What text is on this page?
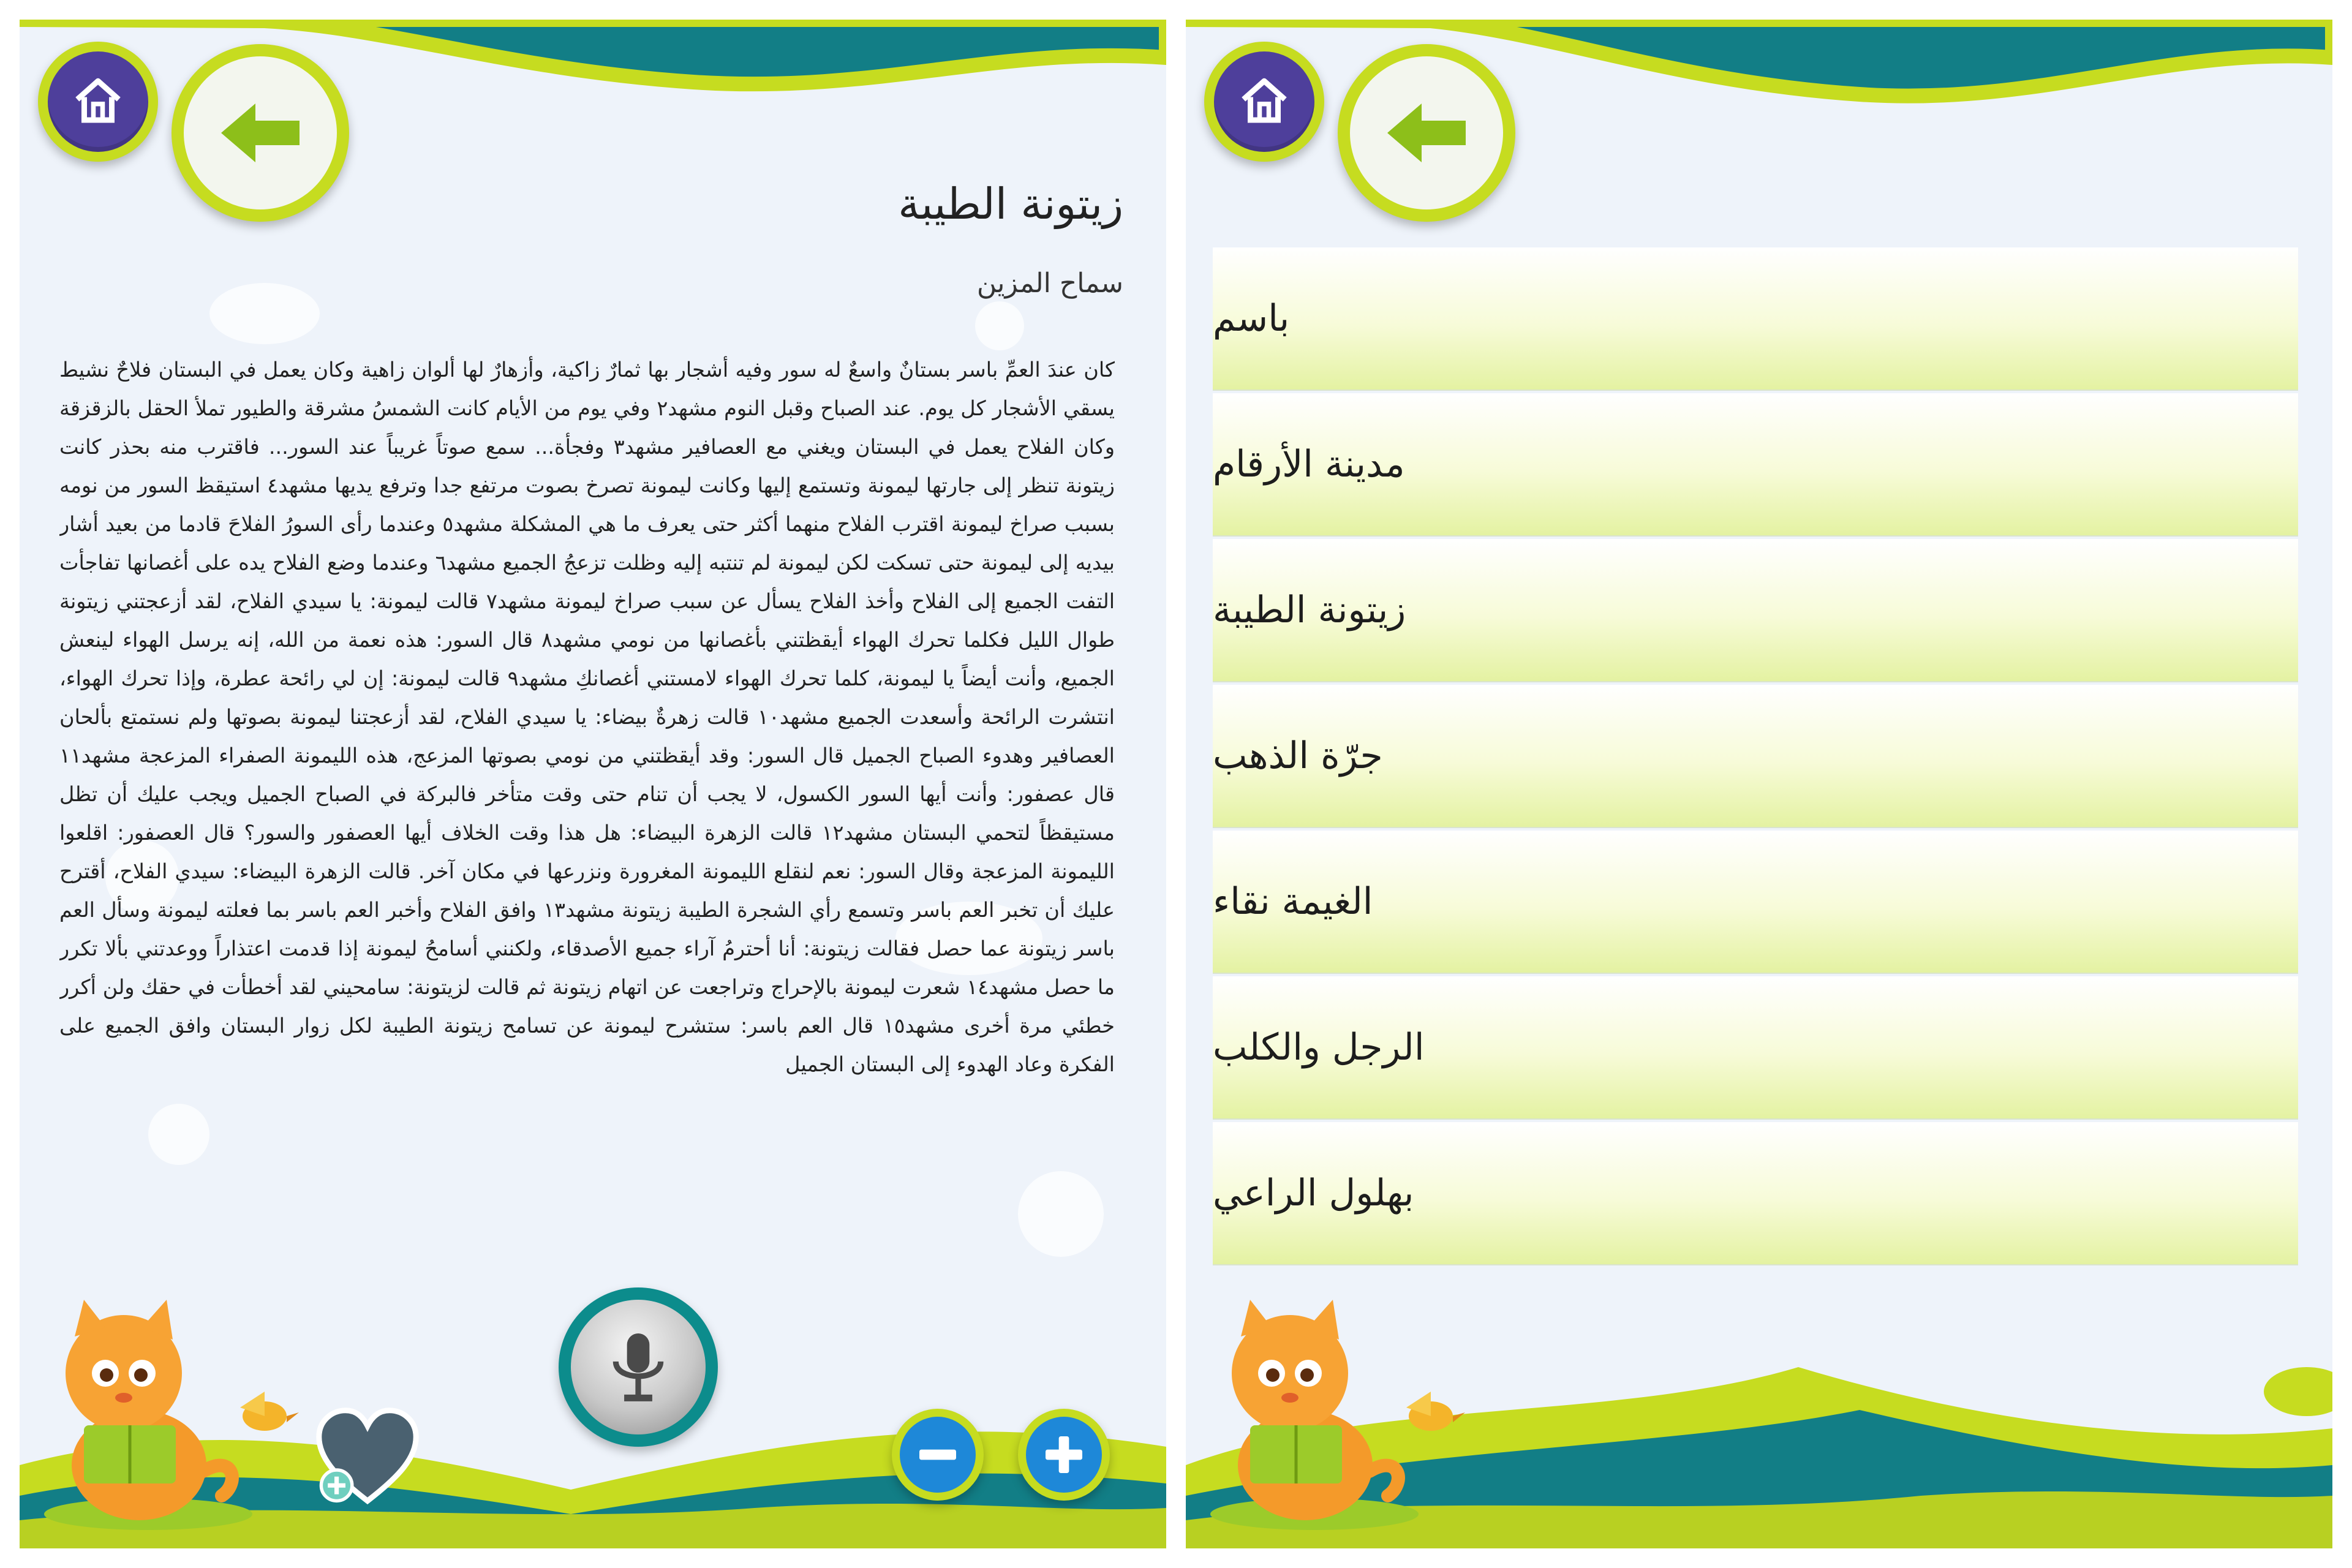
زيتونة الطيبة
سماح المزين
كان عندَ العمِّ باسر بستانٌ واسعٌ له سور وفيه أشجار بها ثمارٌ زاكية، وأزهارٌ لها ألوان زاهية وكان يعمل في البستان فلاحٌ نشيط يسقي الأشجار كل يوم. عند الصباح وقبل النوم مشهد٢ وفي يوم من الأيام كانت الشمسُ مشرقة والطيور تملأ الحقل بالزقزقة وكان الفلاح يعمل في البستان ويغني مع العصافير مشهد٣ وفجأة... سمع صوتاً غريباً عند السور... فاقترب منه بحذر كانت زيتونة تنظر إلى جارتها ليمونة وتستمع إليها وكانت ليمونة تصرخ بصوت مرتفع جدا وترفع يديها مشهد٤ استيقظ السور من نومه بسبب صراخ ليمونة اقترب الفلاح منهما أكثر حتى يعرف ما هي المشكلة مشهد٥ وعندما رأى السورُ الفلاحَ قادما من بعيد أشار بيديه إلى ليمونة حتى تسكت لكن ليمونة لم تنتبه إليه وظلت تزعجُ الجميع مشهد٦ وعندما وضع الفلاح يده على أغصانها تفاجأت التفت الجميع إلى الفلاح وأخذ الفلاح يسأل عن سبب صراخ ليمونة مشهد٧ قالت ليمونة: يا سيدي الفلاح، لقد أزعجتني زيتونة طوال الليل فكلما تحرك الهواء أيقظتني بأغصانها من نومي مشهد٨ قال السور: هذه نعمة من الله، إنه يرسل الهواء لينعش الجميع، وأنت أيضاً يا ليمونة، كلما تحرك الهواء لامستني أغصانكِ مشهد٩ قالت ليمونة: إن لي رائحة عطرة، وإذا تحرك الهواء، انتشرت الرائحة وأسعدت الجميع مشهد١٠ قالت زهرةٌ بيضاء: يا سيدي الفلاح، لقد أزعجتنا ليمونة بصوتها ولم نستمتع بألحان العصافير وهدوء الصباح الجميل قال السور: وقد أيقظتني من نومي بصوتها المزعج، هذه الليمونة الصفراء المزعجة مشهد١١ قال عصفور: وأنت أيها السور الكسول، لا يجب أن تنام حتى وقت متأخر فالبركة في الصباح الجميل ويجب عليك أن تظل مستيقظاً لتحمي البستان مشهد١٢ قالت الزهرة البيضاء: هل هذا وقت الخلاف أيها العصفور والسور؟ قال العصفور: اقلعوا الليمونة المزعجة وقال السور: نعم لنقلع الليمونة المغرورة ونزرعها في مكان آخر. قالت الزهرة البيضاء: سيدي الفلاح، أقترح عليك أن تخبر العم باسر وتسمع رأي الشجرة الطيبة زيتونة مشهد١٣ وافق الفلاح وأخبر العم باسر بما فعلته ليمونة وسأل العم باسر زيتونة عما حصل فقالت زيتونة: أنا أحترمُ آراء جميع الأصدقاء، ولكنني أسامحُ ليمونة إذا قدمت اعتذاراً ووعدتني بألا تكرر ما حصل مشهد١٤ شعرت ليمونة بالإحراج وتراجعت عن اتهام زيتونة ثم قالت لزيتونة: سامحيني لقد أخطأت في حقك ولن أكرر خطئي مرة أخرى مشهد١٥ قال العم باسر: ستشرح ليمونة عن تسامح زيتونة الطيبة لكل زوار البستان وافق الجميع على الفكرة وعاد الهدوء إلى البستان الجميل
باسم
مدينة الأرقام
زيتونة الطيبة
جرّة الذهب
الغيمة نقاء
الرجل والكلب
بهلول الراعي
